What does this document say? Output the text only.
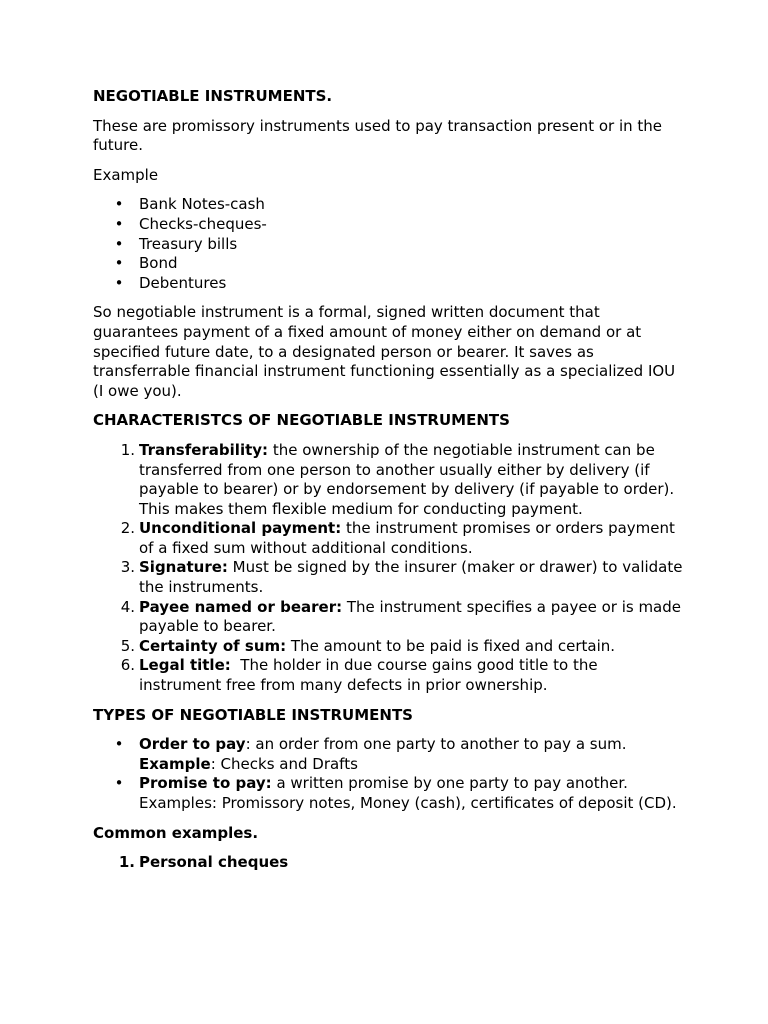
NEGOTIABLE INSTRUMENTS.

These are promissory instruments used to pay transaction present or in the future.

Example

• Bank Notes-cash
• Checks-cheques-
• Treasury bills
• Bond
• Debentures

So negotiable instrument is a formal, signed written document that guarantees payment of a fixed amount of money either on demand or at specified future date, to a designated person or bearer. It saves as transferrable financial instrument functioning essentially as a specialized IOU (I owe you).

CHARACTERISTCS OF NEGOTIABLE INSTRUMENTS
1. Transferability: the ownership of the negotiable instrument can be transferred from one person to another usually either by delivery (if payable to bearer) or by endorsement by delivery (if payable to order). This makes them flexible medium for conducting payment.
2. Unconditional payment: the instrument promises or orders payment of a fixed sum without additional conditions.
3. Signature: Must be signed by the insurer (maker or drawer) to validate the instruments.
4. Payee named or bearer: The instrument specifies a payee or is made payable to bearer.
5. Certainty of sum: The amount to be paid is fixed and certain.
6. Legal title:  The holder in due course gains good title to the instrument free from many defects in prior ownership.
TYPES OF NEGOTIABLE INSTRUMENTS
• Order to pay: an order from one party to another to pay a sum.
Example: Checks and Drafts
• Promise to pay: a written promise by one party to pay another. Examples: Promissory notes, Money (cash), certificates of deposit (CD).
Common examples.
1. Personal cheques
